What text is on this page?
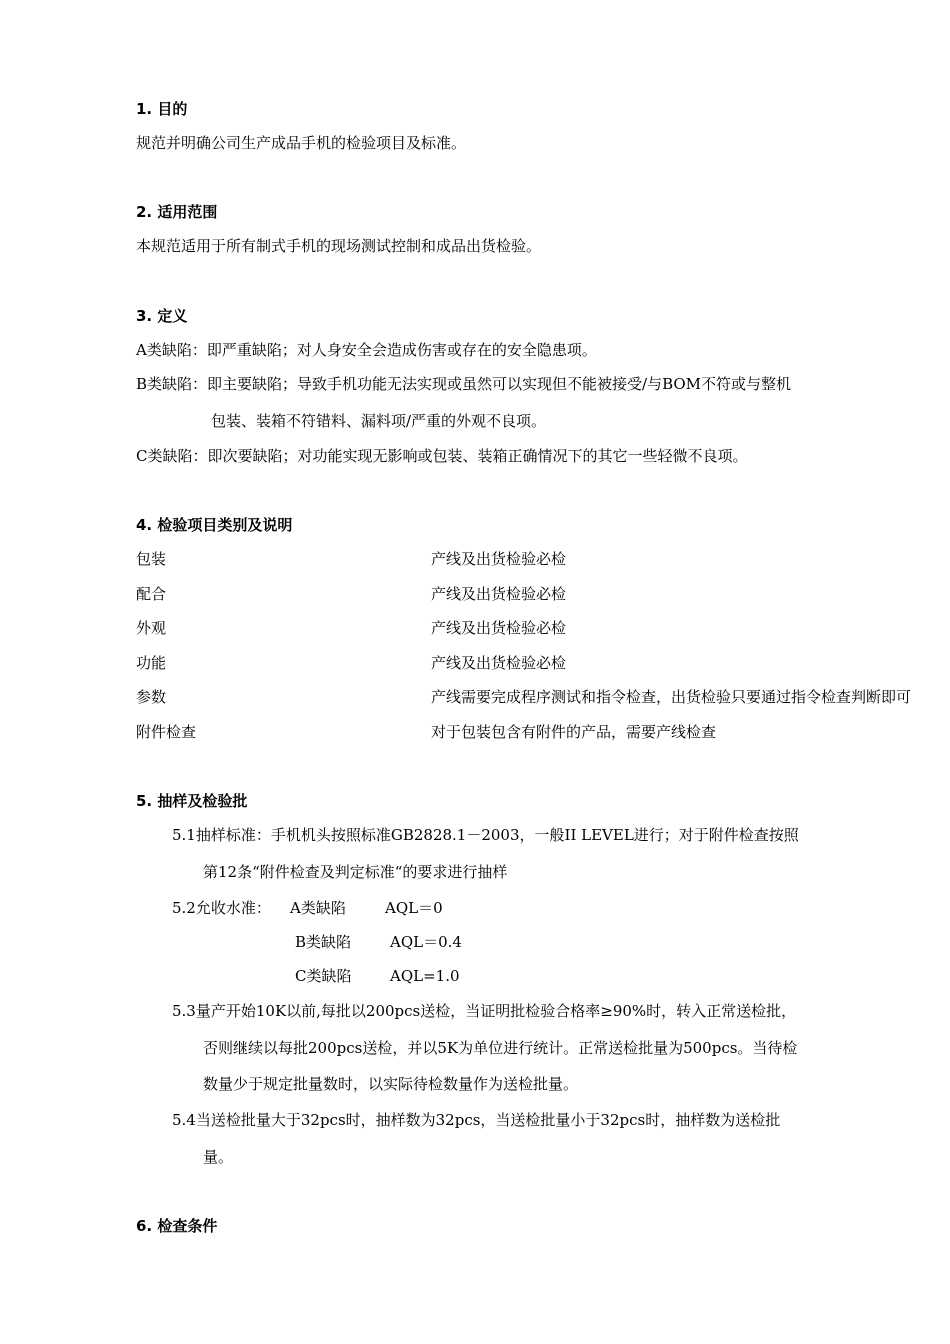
1. 目的
规范并明确公司生产成品手机的检验项目及标准。
2. 适用范围
本规范适用于所有制式手机的现场测试控制和成品出货检验。
3. 定义
A类缺陷：即严重缺陷；对人身安全会造成伤害或存在的安全隐患项。
B类缺陷：即主要缺陷；导致手机功能无法实现或虽然可以实现但不能被接受/与BOM不符或与整机
包装、装箱不符错料、漏料项/严重的外观不良项。
C类缺陷：即次要缺陷；对功能实现无影响或包装、装箱正确情况下的其它一些轻微不良项。
4. 检验项目类别及说明
包装	产线及出货检验必检
配合	产线及出货检验必检
外观	产线及出货检验必检
功能	产线及出货检验必检
参数	产线需要完成程序测试和指令检查，出货检验只要通过指令检查判断即可
附件检查	对于包装包含有附件的产品，需要产线检查
5. 抽样及检验批
5.1抽样标准：手机机头按照标准GB2828.1－2003，一般II LEVEL进行；对于附件检查按照
第12条“附件检查及判定标准“的要求进行抽样
5.2允收水准： A类缺陷	AQL＝0
B类缺陷	AQL＝0.4
C类缺陷	AQL=1.0
5.3量产开始10K以前,每批以200pcs送检，当证明批检验合格率≥90%时，转入正常送检批，
否则继续以每批200pcs送检，并以5K为单位进行统计。正常送检批量为500pcs。当待检
数量少于规定批量数时，以实际待检数量作为送检批量。
5.4当送检批量大于32pcs时，抽样数为32pcs，当送检批量小于32pcs时，抽样数为送检批
量。
6. 检查条件
